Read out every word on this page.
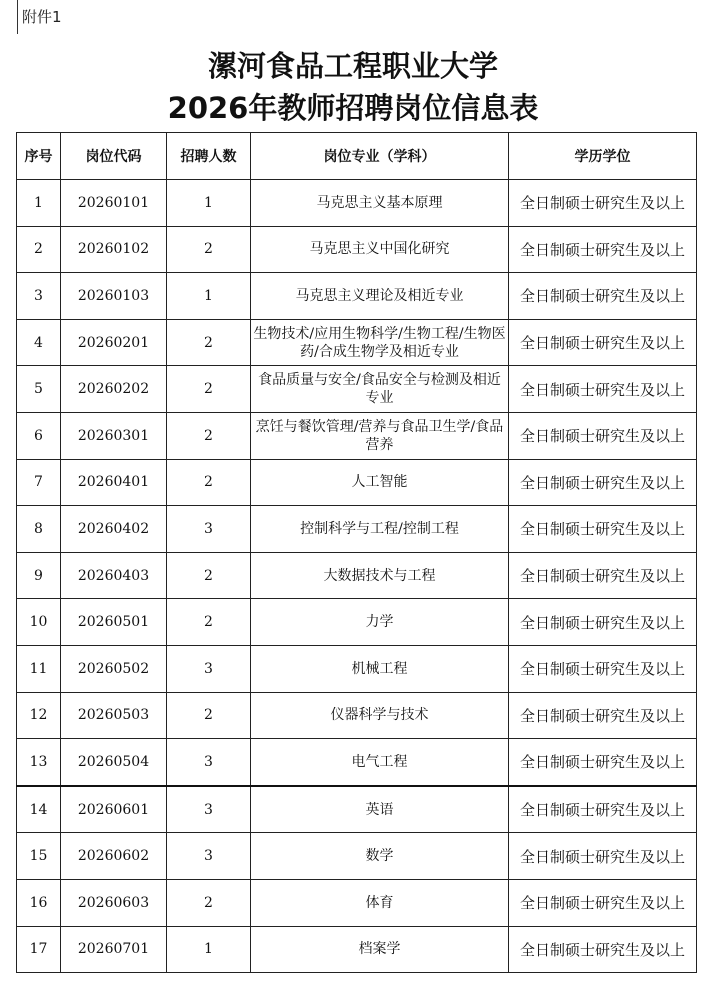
附件1
漯河食品工程职业大学
2026年教师招聘岗位信息表
序号	岗位代码	招聘人数	岗位专业（学科）	学历学位
1	20260101	1	马克思主义基本原理	全日制硕士研究生及以上
2	20260102	2	马克思主义中国化研究	全日制硕士研究生及以上
3	20260103	1	马克思主义理论及相近专业	全日制硕士研究生及以上
4	20260201	2	生物技术/应用生物科学/生物工程/生物医药/合成生物学及相近专业	全日制硕士研究生及以上
5	20260202	2	食品质量与安全/食品安全与检测及相近专业	全日制硕士研究生及以上
6	20260301	2	烹饪与餐饮管理/营养与食品卫生学/食品营养	全日制硕士研究生及以上
7	20260401	2	人工智能	全日制硕士研究生及以上
8	20260402	3	控制科学与工程/控制工程	全日制硕士研究生及以上
9	20260403	2	大数据技术与工程	全日制硕士研究生及以上
10	20260501	2	力学	全日制硕士研究生及以上
11	20260502	3	机械工程	全日制硕士研究生及以上
12	20260503	2	仪器科学与技术	全日制硕士研究生及以上
13	20260504	3	电气工程	全日制硕士研究生及以上
14	20260601	3	英语	全日制硕士研究生及以上
15	20260602	3	数学	全日制硕士研究生及以上
16	20260603	2	体育	全日制硕士研究生及以上
17	20260701	1	档案学	全日制硕士研究生及以上
